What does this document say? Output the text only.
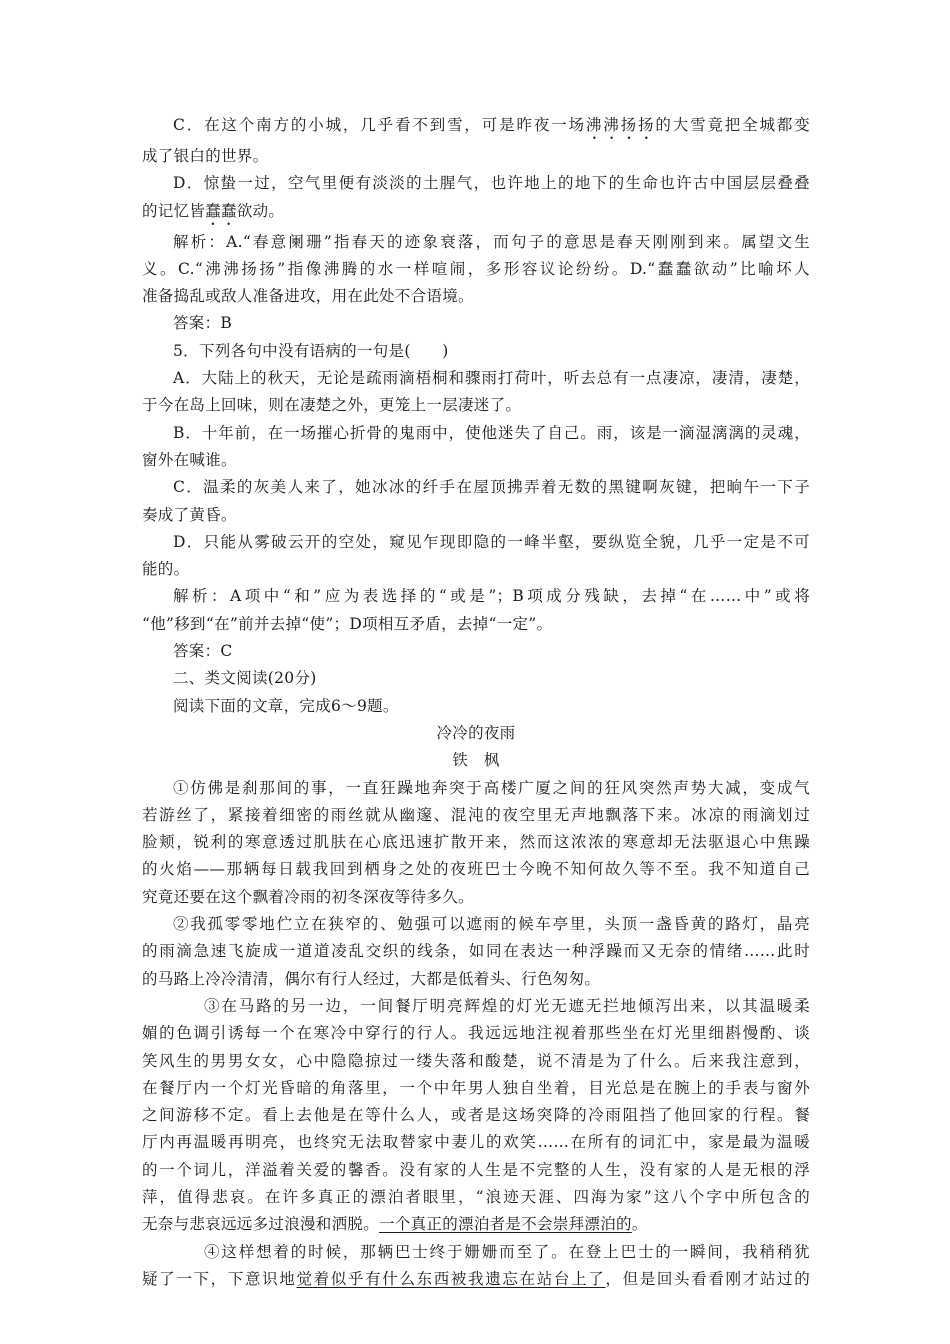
C．在这个南方的小城，几乎看不到雪，可是昨夜一场沸沸扬扬的大雪竟把全城都变
成了银白的世界。
D．惊蛰一过，空气里便有淡淡的土腥气，也许地上的地下的生命也许古中国层层叠叠
的记忆皆蠢蠢欲动。
解析：A.“春意阑珊”指春天的迹象衰落，而句子的意思是春天刚刚到来。属望文生
义。C.“沸沸扬扬”指像沸腾的水一样喧闹，多形容议论纷纷。D.“蠢蠢欲动”比喻坏人
准备捣乱或敌人准备进攻，用在此处不合语境。
答案：B
5．下列各句中没有语病的一句是(　　)
A．大陆上的秋天，无论是疏雨滴梧桐和骤雨打荷叶，听去总有一点凄凉，凄清，凄楚，
于今在岛上回味，则在凄楚之外，更笼上一层凄迷了。
B．十年前，在一场摧心折骨的鬼雨中，使他迷失了自己。雨，该是一滴湿漓漓的灵魂，
窗外在喊谁。
C．温柔的灰美人来了，她冰冰的纤手在屋顶拂弄着无数的黑键啊灰键，把晌午一下子
奏成了黄昏。
D．只能从雾破云开的空处，窥见乍现即隐的一峰半壑，要纵览全貌，几乎一定是不可
能的。
解析：A项中“和”应为表选择的“或是”；B项成分残缺，去掉“在……中”或将
“他”移到“在”前并去掉“使”；D项相互矛盾，去掉“一定”。
答案：C
二、类文阅读(20分)
阅读下面的文章，完成6～9题。
冷冷的夜雨
铁　枫
①仿佛是刹那间的事，一直狂躁地奔突于高楼广厦之间的狂风突然声势大减，变成气
若游丝了，紧接着细密的雨丝就从幽邃、混沌的夜空里无声地飘落下来。冰凉的雨滴划过
脸颊，锐利的寒意透过肌肤在心底迅速扩散开来，然而这浓浓的寒意却无法驱退心中焦躁
的火焰——那辆每日载我回到栖身之处的夜班巴士今晚不知何故久等不至。我不知道自己
究竟还要在这个飘着冷雨的初冬深夜等待多久。
②我孤零零地伫立在狭窄的、勉强可以遮雨的候车亭里，头顶一盏昏黄的路灯，晶亮
的雨滴急速飞旋成一道道凌乱交织的线条，如同在表达一种浮躁而又无奈的情绪……此时
的马路上冷冷清清，偶尔有行人经过，大都是低着头、行色匆匆。
③在马路的另一边，一间餐厅明亮辉煌的灯光无遮无拦地倾泻出来，以其温暖柔
媚的色调引诱每一个在寒冷中穿行的行人。我远远地注视着那些坐在灯光里细斟慢酌、谈
笑风生的男男女女，心中隐隐掠过一缕失落和酸楚，说不清是为了什么。后来我注意到，
在餐厅内一个灯光昏暗的角落里，一个中年男人独自坐着，目光总是在腕上的手表与窗外
之间游移不定。看上去他是在等什么人，或者是这场突降的冷雨阻挡了他回家的行程。餐
厅内再温暖再明亮，也终究无法取替家中妻儿的欢笑……在所有的词汇中，家是最为温暖
的一个词儿，洋溢着关爱的馨香。没有家的人生是不完整的人生，没有家的人是无根的浮
萍，值得悲哀。在许多真正的漂泊者眼里，“浪迹天涯、四海为家”这八个字中所包含的
无奈与悲哀远远多过浪漫和洒脱。一个真正的漂泊者是不会崇拜漂泊的。
④这样想着的时候，那辆巴士终于姗姗而至了。在登上巴士的一瞬间，我稍稍犹
疑了一下，下意识地觉着似乎有什么东西被我遗忘在站台上了，但是回头看看刚才站过的
